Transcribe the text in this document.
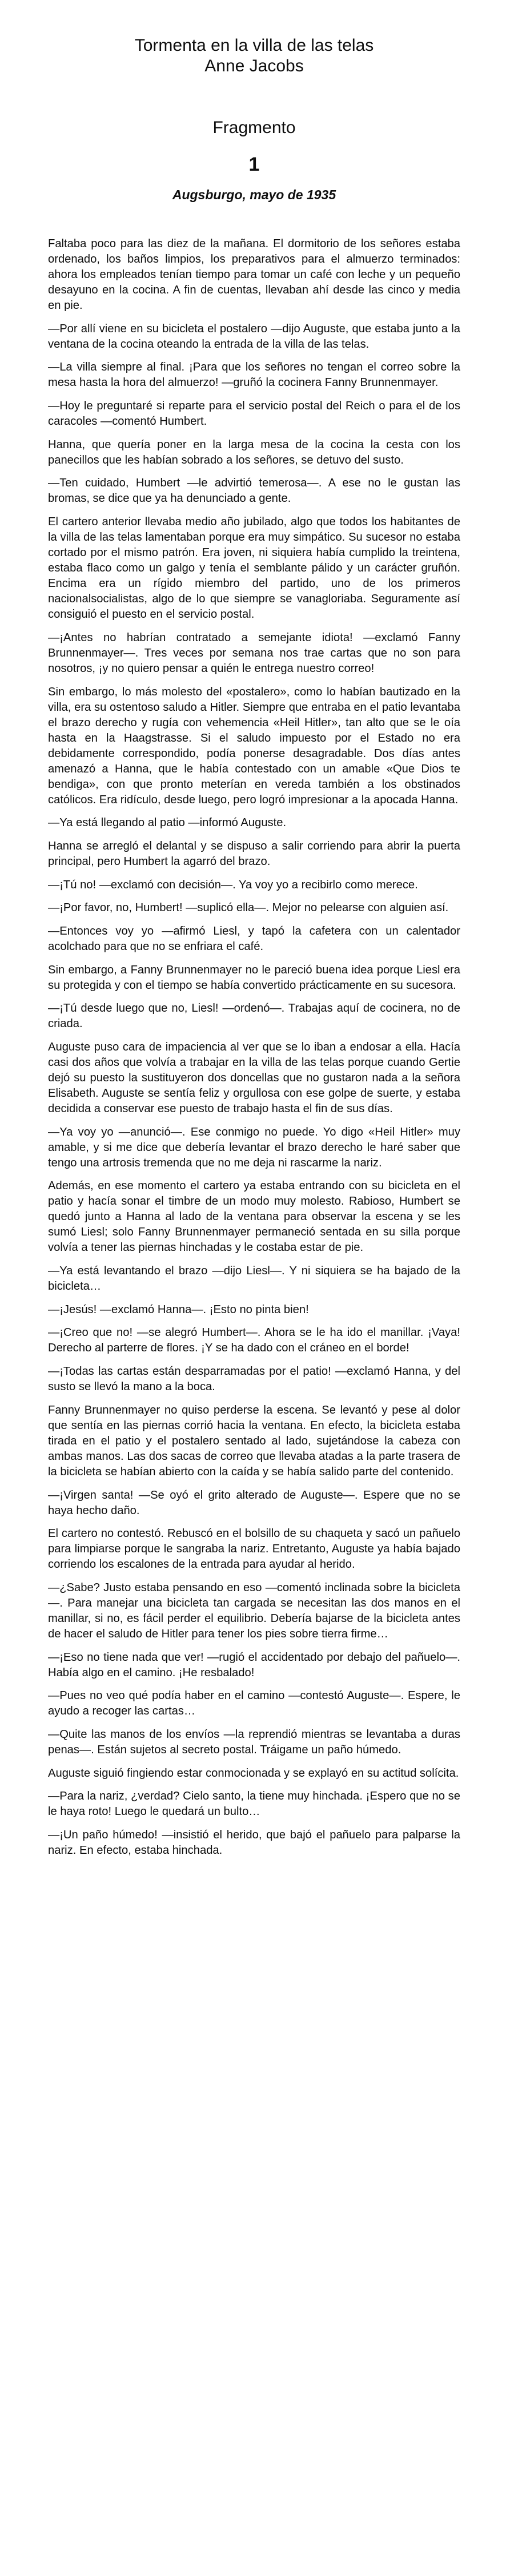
Tormenta en la villa de las telas
Anne Jacobs
Fragmento
1
Augsburgo, mayo de 1935

Faltaba poco para las diez de la mañana. El dormitorio de los señores estaba ordenado, los baños limpios, los preparativos para el almuerzo terminados: ahora los empleados tenían tiempo para tomar un café con leche y un pequeño desayuno en la cocina. A fin de cuentas, llevaban ahí desde las cinco y media en pie.

—Por allí viene en su bicicleta el postalero —dijo Auguste, que estaba junto a la ventana de la cocina oteando la entrada de la villa de las telas.

—La villa siempre al final. ¡Para que los señores no tengan el correo sobre la mesa hasta la hora del almuerzo! —gruñó la cocinera Fanny Brunnenmayer.

—Hoy le preguntaré si reparte para el servicio postal del Reich o para el de los caracoles —comentó Humbert.

Hanna, que quería poner en la larga mesa de la cocina la cesta con los panecillos que les habían sobrado a los señores, se detuvo del susto.

—Ten cuidado, Humbert —le advirtió temerosa—. A ese no le gustan las bromas, se dice que ya ha denunciado a gente.

El cartero anterior llevaba medio año jubilado, algo que todos los habitantes de la villa de las telas lamentaban porque era muy simpático. Su sucesor no estaba cortado por el mismo patrón. Era joven, ni siquiera había cumplido la treintena, estaba flaco como un galgo y tenía el semblante pálido y un carácter gruñón. Encima era un rígido miembro del partido, uno de los primeros nacionalsocialistas, algo de lo que siempre se vanagloriaba. Seguramente así consiguió el puesto en el servicio postal.

—¡Antes no habrían contratado a semejante idiota! —exclamó Fanny Brunnenmayer—. Tres veces por semana nos trae cartas que no son para nosotros, ¡y no quiero pensar a quién le entrega nuestro correo!

Sin embargo, lo más molesto del «postalero», como lo habían bautizado en la villa, era su ostentoso saludo a Hitler. Siempre que entraba en el patio levantaba el brazo derecho y rugía con vehemencia «Heil Hitler», tan alto que se le oía hasta en la Haagstrasse. Si el saludo impuesto por el Estado no era debidamente correspondido, podía ponerse desagradable. Dos días antes amenazó a Hanna, que le había contestado con un amable «Que Dios te bendiga», con que pronto meterían en vereda también a los obstinados católicos. Era ridículo, desde luego, pero logró impresionar a la apocada Hanna.

—Ya está llegando al patio —informó Auguste.

Hanna se arregló el delantal y se dispuso a salir corriendo para abrir la puerta principal, pero Humbert la agarró del brazo.

—¡Tú no! —exclamó con decisión—. Ya voy yo a recibirlo como merece.

—¡Por favor, no, Humbert! —suplicó ella—. Mejor no pelearse con alguien así.

—Entonces voy yo —afirmó Liesl, y tapó la cafetera con un calentador acolchado para que no se enfriara el café.

Sin embargo, a Fanny Brunnenmayer no le pareció buena idea porque Liesl era su protegida y con el tiempo se había convertido prácticamente en su sucesora.

—¡Tú desde luego que no, Liesl! —ordenó—. Trabajas aquí de cocinera, no de criada.

Auguste puso cara de impaciencia al ver que se lo iban a endosar a ella. Hacía casi dos años que volvía a trabajar en la villa de las telas porque cuando Gertie dejó su puesto la sustituyeron dos doncellas que no gustaron nada a la señora Elisabeth. Auguste se sentía feliz y orgullosa con ese golpe de suerte, y estaba decidida a conservar ese puesto de trabajo hasta el fin de sus días.

—Ya voy yo —anunció—. Ese conmigo no puede. Yo digo «Heil Hitler» muy amable, y si me dice que debería levantar el brazo derecho le haré saber que tengo una artrosis tremenda que no me deja ni rascarme la nariz.

Además, en ese momento el cartero ya estaba entrando con su bicicleta en el patio y hacía sonar el timbre de un modo muy molesto. Rabioso, Humbert se quedó junto a Hanna al lado de la ventana para observar la escena y se les sumó Liesl; solo Fanny Brunnenmayer permaneció sentada en su silla porque volvía a tener las piernas hinchadas y le costaba estar de pie.

—Ya está levantando el brazo —dijo Liesl—. Y ni siquiera se ha bajado de la bicicleta…

—¡Jesús! —exclamó Hanna—. ¡Esto no pinta bien!

—¡Creo que no! —se alegró Humbert—. Ahora se le ha ido el manillar. ¡Vaya! Derecho al parterre de flores. ¡Y se ha dado con el cráneo en el borde!

—¡Todas las cartas están desparramadas por el patio! —exclamó Hanna, y del susto se llevó la mano a la boca.

Fanny Brunnenmayer no quiso perderse la escena. Se levantó y pese al dolor que sentía en las piernas corrió hacia la ventana. En efecto, la bicicleta estaba tirada en el patio y el postalero sentado al lado, sujetándose la cabeza con ambas manos. Las dos sacas de correo que llevaba atadas a la parte trasera de la bicicleta se habían abierto con la caída y se había salido parte del contenido.

—¡Virgen santa! —Se oyó el grito alterado de Auguste—. Espere que no se haya hecho daño.

El cartero no contestó. Rebuscó en el bolsillo de su chaqueta y sacó un pañuelo para limpiarse porque le sangraba la nariz. Entretanto, Auguste ya había bajado corriendo los escalones de la entrada para ayudar al herido.

—¿Sabe? Justo estaba pensando en eso —comentó inclinada sobre la bicicleta—. Para manejar una bicicleta tan cargada se necesitan las dos manos en el manillar, si no, es fácil perder el equilibrio. Debería bajarse de la bicicleta antes de hacer el saludo de Hitler para tener los pies sobre tierra firme…

—¡Eso no tiene nada que ver! —rugió el accidentado por debajo del pañuelo—. Había algo en el camino. ¡He resbalado!

—Pues no veo qué podía haber en el camino —contestó Auguste—. Espere, le ayudo a recoger las cartas…

—Quite las manos de los envíos —la reprendió mientras se levantaba a duras penas—. Están sujetos al secreto postal. Tráigame un paño húmedo.

Auguste siguió fingiendo estar conmocionada y se explayó en su actitud solícita.

—Para la nariz, ¿verdad? Cielo santo, la tiene muy hinchada. ¡Espero que no se le haya roto! Luego le quedará un bulto…

—¡Un paño húmedo! —insistió el herido, que bajó el pañuelo para palparse la nariz. En efecto, estaba hinchada.
